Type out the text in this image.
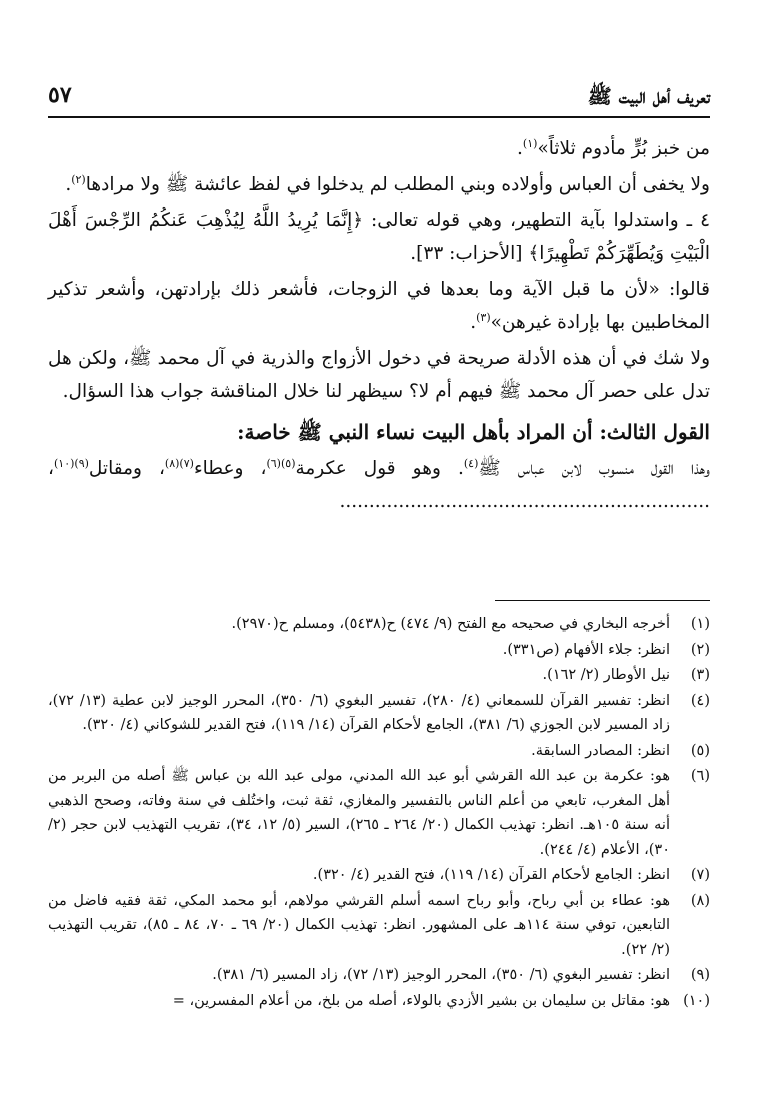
تعريف أهل البيت ﷺ
٥٧

من خبز بُرٍّ مأدوم ثلاثاً»$^{(١)}$.

ولا يخفى أن العباس وأولاده وبني المطلب لم يدخلوا في لفظ عائشة ﷺ ولا مرادها$^{(٢)}$.

٤ ـ واستدلوا بآية التطهير، وهي قوله تعالى: ﴿إِنَّمَا يُرِيدُ اللَّهُ لِيُذْهِبَ عَنكُمُ الرِّجْسَ أَهْلَ الْبَيْتِ وَيُطَهِّرَكُمْ تَطْهِيرًا﴾ [الأحزاب: ٣٣].

قالوا: «لأن ما قبل الآية وما بعدها في الزوجات، فأشعر ذلك بإرادتهن، وأشعر تذكير المخاطبين بها بإرادة غيرهن»$^{(٣)}$.

ولا شك في أن هذه الأدلة صريحة في دخول الأزواج والذرية في آل محمد ﷺ، ولكن هل تدل على حصر آل محمد ﷺ فيهم أم لا؟ سيظهر لنا خلال المناقشة جواب هذا السؤال.

القول الثالث: أن المراد بأهل البيت نساء النبي ﷺ خاصة:

وهذا القول منسوب لابن عباس ﷺ$^{(٤)}$. وهو قول عكرمة$^{(٥)(٦)}$، وعطاء$^{(٧)(٨)}$، ومقاتل$^{(٩)(١٠)}$، ...............................................................

(١)
أخرجه البخاري في صحيحه مع الفتح (٩/ ٤٧٤) ح(٥٤٣٨)، ومسلم ح(٢٩٧٠).
(٢)
انظر: جلاء الأفهام (ص٣٣١).
(٣)
نيل الأوطار (٢/ ١٦٢).
(٤)
انظر: تفسير القرآن للسمعاني (٤/ ٢٨٠)، تفسير البغوي (٦/ ٣٥٠)، المحرر الوجيز لابن عطية (١٣/ ٧٢)، زاد المسير لابن الجوزي (٦/ ٣٨١)، الجامع لأحكام القرآن (١٤/ ١١٩)، فتح القدير للشوكاني (٤/ ٣٢٠).
(٥)
انظر: المصادر السابقة.
(٦)
هو: عكرمة بن عبد الله القرشي أبو عبد الله المدني، مولى عبد الله بن عباس ﷺ أصله من البربر من أهل المغرب، تابعي من أعلم الناس بالتفسير والمغازي، ثقة ثبت، واختُلف في سنة وفاته، وصحح الذهبي أنه سنة ١٠٥هـ. انظر: تهذيب الكمال (٢٠/ ٢٦٤ ـ ٢٦٥)، السير (٥/ ١٢، ٣٤)، تقريب التهذيب لابن حجر (٢/ ٣٠)، الأعلام (٤/ ٢٤٤).
(٧)
انظر: الجامع لأحكام القرآن (١٤/ ١١٩)، فتح القدير (٤/ ٣٢٠).
(٨)
هو: عطاء بن أبي رباح، وأبو رباح اسمه أسلم القرشي مولاهم، أبو محمد المكي، ثقة فقيه فاضل من التابعين، توفي سنة ١١٤هـ على المشهور. انظر: تهذيب الكمال (٢٠/ ٦٩ ـ ٧٠، ٨٤ ـ ٨٥)، تقريب التهذيب (٢/ ٢٢).
(٩)
انظر: تفسير البغوي (٦/ ٣٥٠)، المحرر الوجيز (١٣/ ٧٢)، زاد المسير (٦/ ٣٨١).
(١٠)
هو: مقاتل بن سليمان بن بشير الأزدي بالولاء، أصله من بلخ، من أعلام المفسرين، =
